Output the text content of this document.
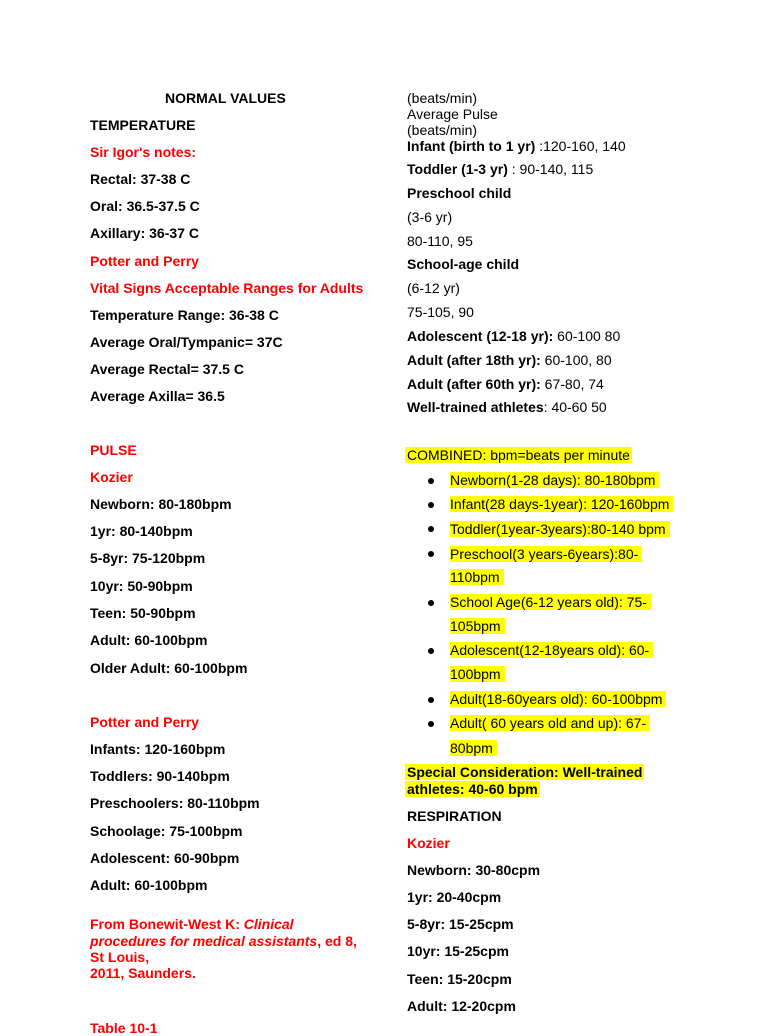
NORMAL VALUES
TEMPERATURE
Sir Igor's notes:
Rectal: 37-38 C
Oral: 36.5-37.5 C
Axillary: 36-37 C
Potter and Perry
Vital Signs Acceptable Ranges for Adults
Temperature Range: 36-38 C
Average Oral/Tympanic= 37C
Average Rectal= 37.5 C
Average Axilla= 36.5
PULSE
Kozier
Newborn: 80-180bpm
1yr: 80-140bpm
5-8yr: 75-120bpm
10yr: 50-90bpm
Teen: 50-90bpm
Adult: 60-100bpm
Older Adult: 60-100bpm
Potter and Perry
Infants: 120-160bpm
Toddlers: 90-140bpm
Preschoolers: 80-110bpm
Schoolage: 75-100bpm
Adolescent: 60-90bpm
Adult: 60-100bpm
From Bonewit-West K: Clinical
procedures for medical assistants, ed 8,
St Louis,
2011, Saunders.
Table 10-1
(beats/min)
Average Pulse
(beats/min)
Infant (birth to 1 yr) :120-160, 140
Toddler (1-3 yr) : 90-140, 115
Preschool child
(3-6 yr)
80-110, 95
School-age child
(6-12 yr)
75-105, 90
Adolescent (12-18 yr): 60-100 80
Adult (after 18th yr): 60-100, 80
Adult (after 60th yr): 67-80, 74
Well-trained athletes: 40-60 50
COMBINED: bpm=beats per minute
Newborn(1-28 days): 80-180bpm
Infant(28 days-1year): 120-160bpm
Toddler(1year-3years):80-140 bpm
Preschool(3 years-6years):80-
110bpm
School Age(6-12 years old): 75-
105bpm
Adolescent(12-18years old): 60-
100bpm
Adult(18-60years old): 60-100bpm
Adult( 60 years old and up): 67-
80bpm
Special Consideration: Well-trained
athletes: 40-60 bpm
RESPIRATION
Kozier
Newborn: 30-80cpm
1yr: 20-40cpm
5-8yr: 15-25cpm
10yr: 15-25cpm
Teen: 15-20cpm
Adult: 12-20cpm
